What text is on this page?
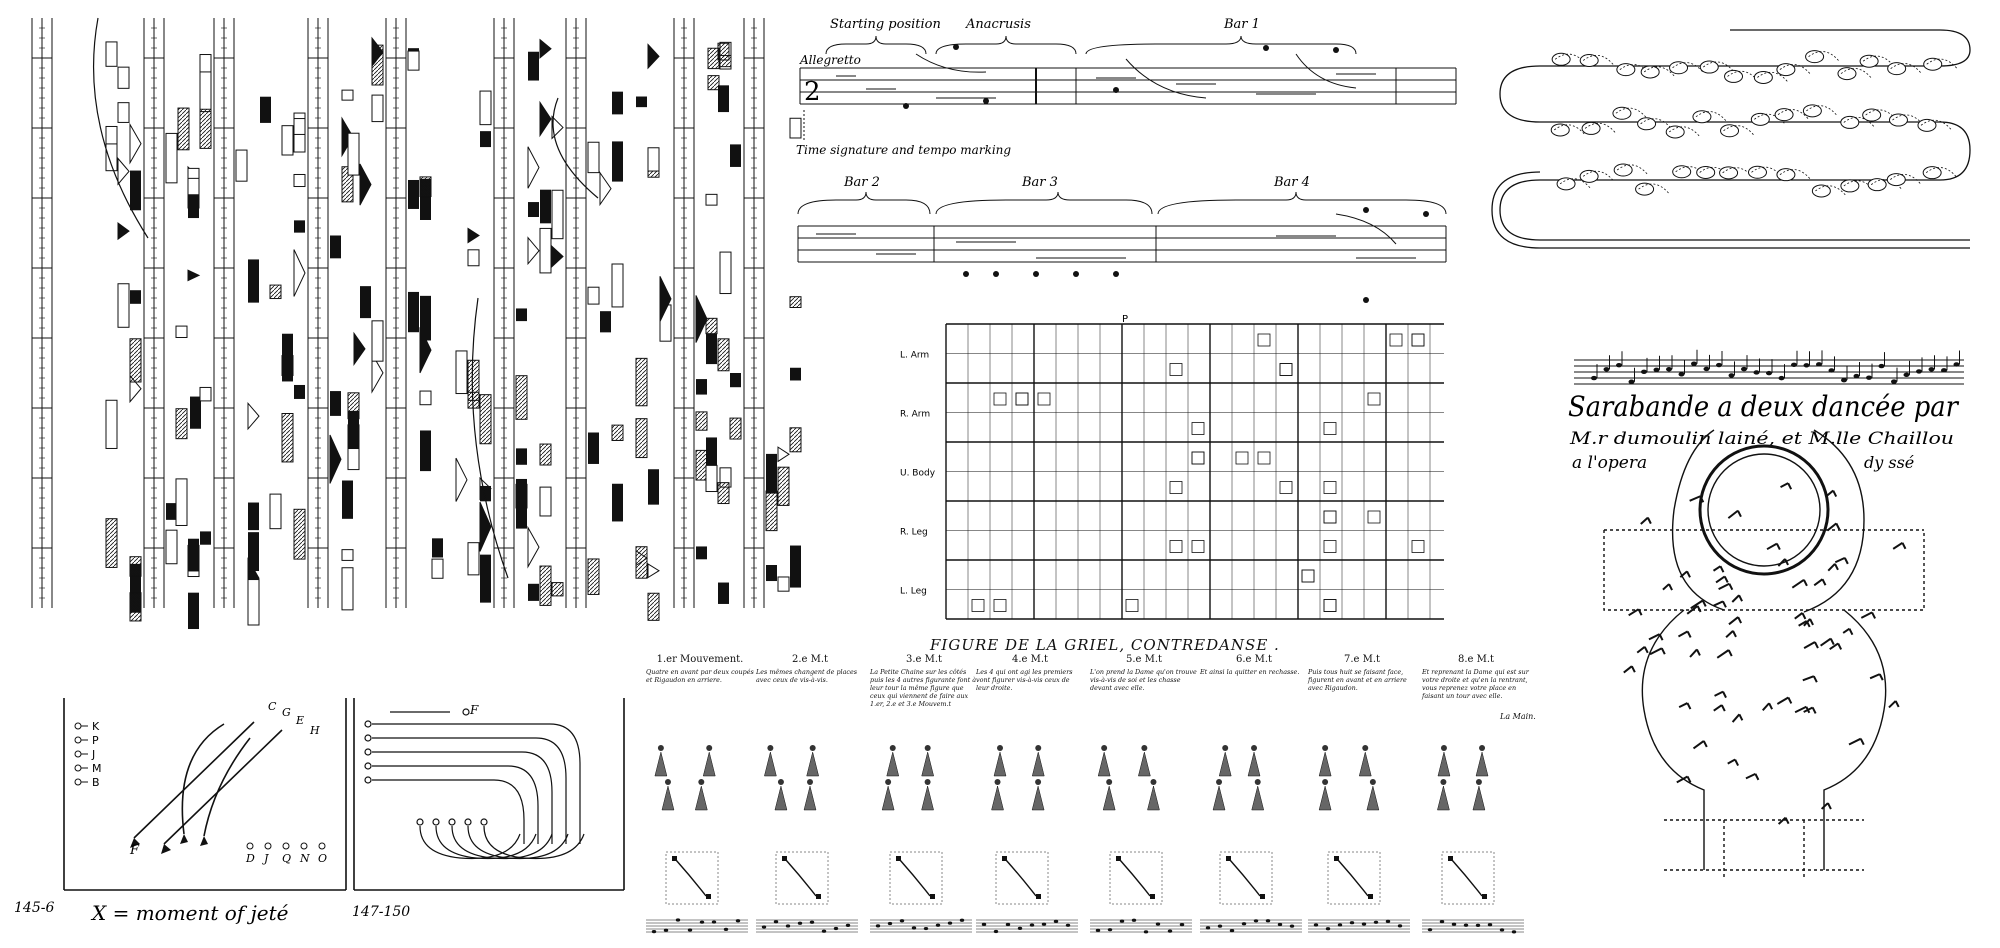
Starting position Anacrusis	Bar 1
Allegretto
2
Time signature and tempo marking
Bar 2	Bar 3	Bar 4
L. Arm
R. Arm
U. Body
R. Leg
L. Leg
P
K
P
J
M
B
F
C G
E
H
D J Q N O
145-6 X = moment of jeté
F
147-150
FIGURE DE LA GRIEL, CONTREDANSE .
1.er Mouvement.
Quatre en avant par deux coupés et Rigaudon en arriere.
2.e M.t
Les mêmes changent de places avec ceux de vis-à-vis.
3.e M.t
La Petite Chaine sur les côtés puis les 4 autres figurante font à leur tour la même figure que ceux qui viennent de faire aux 1.er, 2.e et 3.e Mouvem.t
4.e M.t
Les 4 qui ont agi les premiers vont figurer vis-à-vis ceux de leur droite.
5.e M.t
L'on prend la Dame qu'on trouve vis-à-vis de soi et les chasse devant avec elle.
6.e M.t
Et ainsi la quitter en rechasse.
7.e M.t
Puis tous huit se faisant face, figurent en avant et en arriere avec Rigaudon.
8.e M.t
Et reprenant la Dame qui est sur votre droite et qu'en la rentrant, vous reprenez votre place en faisant un tour avec elle.
La Main.
Sarabande a deux dancée par
M.r dumoulin lainé, et M.lle Chaillou
a l'opera	dy ssé
